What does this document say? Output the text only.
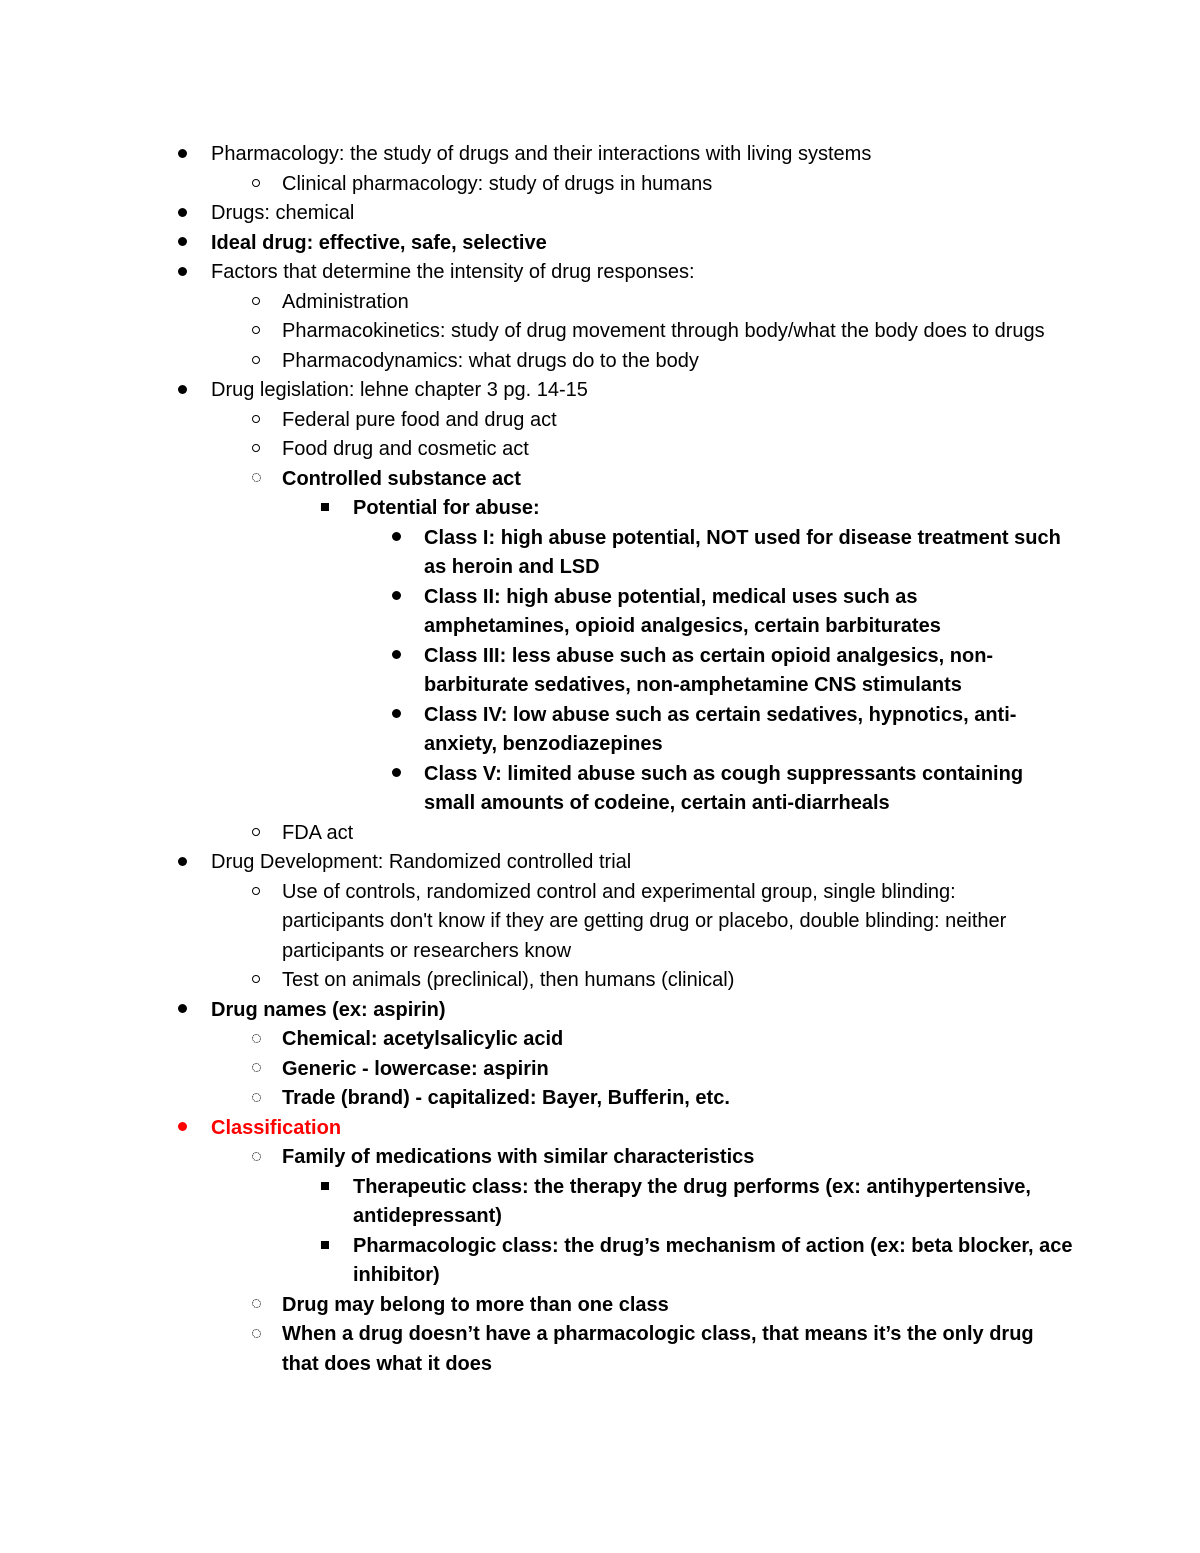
Pharmacology: the study of drugs and their interactions with living systems
Clinical pharmacology: study of drugs in humans
Drugs: chemical
Ideal drug: effective, safe, selective
Factors that determine the intensity of drug responses:
Administration
Pharmacokinetics: study of drug movement through body/what the body does to drugs
Pharmacodynamics: what drugs do to the body
Drug legislation: lehne chapter 3 pg. 14-15
Federal pure food and drug act
Food drug and cosmetic act
Controlled substance act
Potential for abuse:
Class I: high abuse potential, NOT used for disease treatment such as heroin and LSD
Class II: high abuse potential, medical uses such as amphetamines, opioid analgesics, certain barbiturates
Class III: less abuse such as certain opioid analgesics, non-barbiturate sedatives, non-amphetamine CNS stimulants
Class IV: low abuse such as certain sedatives, hypnotics, anti-anxiety, benzodiazepines
Class V: limited abuse such as cough suppressants containing small amounts of codeine, certain anti-diarrheals
FDA act
Drug Development: Randomized controlled trial
Use of controls, randomized control and experimental group, single blinding: participants don't know if they are getting drug or placebo, double blinding: neither participants or researchers know
Test on animals (preclinical), then humans (clinical)
Drug names (ex: aspirin)
Chemical: acetylsalicylic acid
Generic - lowercase: aspirin
Trade (brand) - capitalized: Bayer, Bufferin, etc.
Classification
Family of medications with similar characteristics
Therapeutic class: the therapy the drug performs (ex: antihypertensive, antidepressant)
Pharmacologic class: the drug’s mechanism of action (ex: beta blocker, ace inhibitor)
Drug may belong to more than one class
When a drug doesn’t have a pharmacologic class, that means it’s the only drug that does what it does
